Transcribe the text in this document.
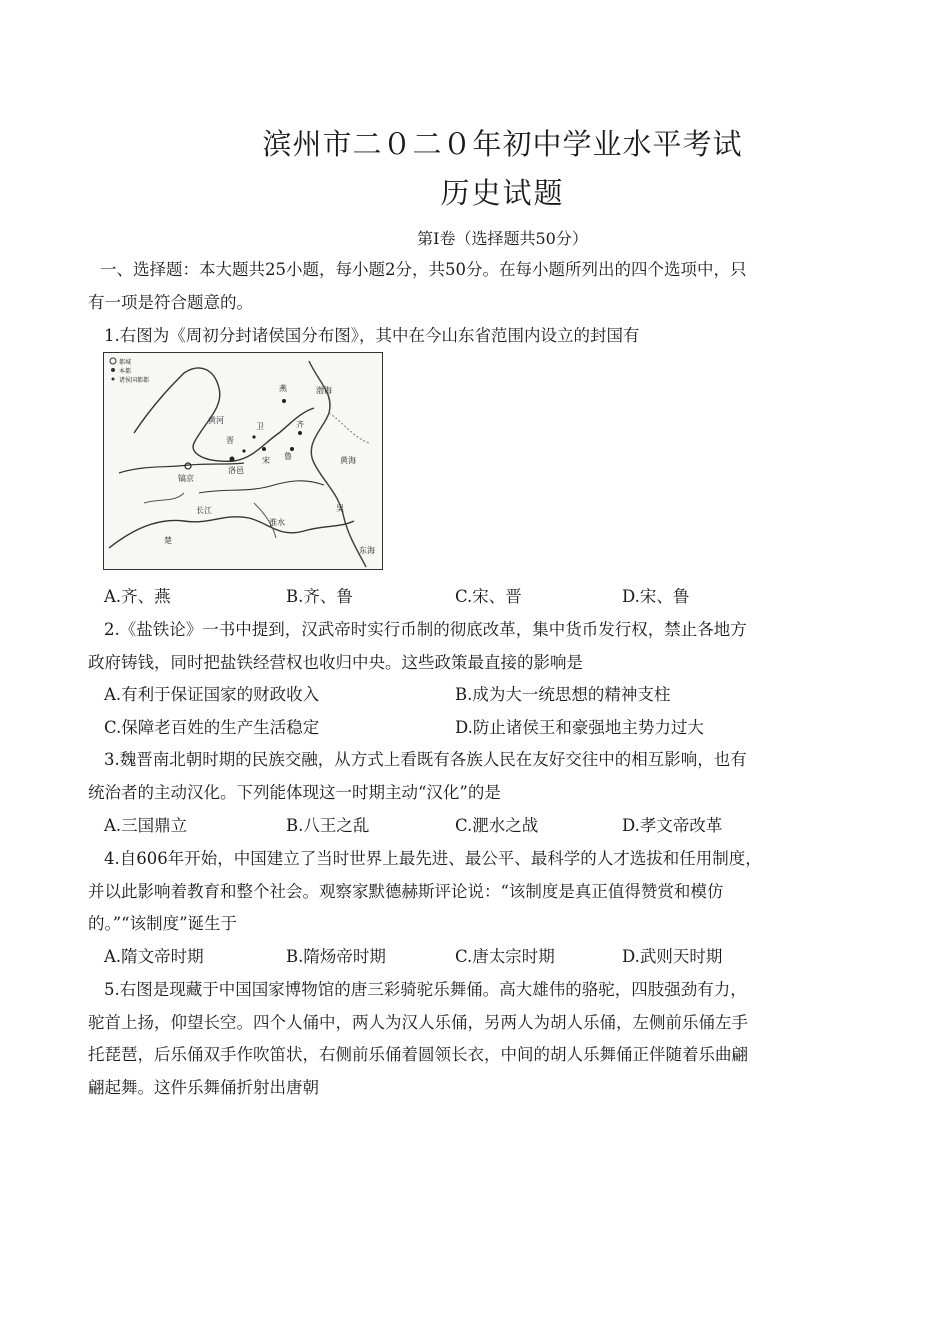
滨州市二０二０年初中学业水平考试
历史试题
第Ⅰ卷（选择题共50分）
一、选择题：本大题共25小题，每小题2分，共50分。在每小题所列出的四个选项中，只
有一项是符合题意的。
1.右图为《周初分封诸侯国分布图》，其中在今山东省范围内设立的封国有
都城
本都
诸侯国都都
燕
卫	齐
鲁
宋
晋
洛邑
镐京
黄河
长江
淮水
东海
黄海
渤海
吴
楚
A.齐、燕	B.齐、鲁	C.宋、晋	D.宋、鲁
2.《盐铁论》一书中提到，汉武帝时实行币制的彻底改革，集中货币发行权，禁止各地方
政府铸钱，同时把盐铁经营权也收归中央。这些政策最直接的影响是
A.有利于保证国家的财政收入	B.成为大一统思想的精神支柱
C.保障老百姓的生产生活稳定	D.防止诸侯王和豪强地主势力过大
3.魏晋南北朝时期的民族交融，从方式上看既有各族人民在友好交往中的相互影响，也有
统治者的主动汉化。下列能体现这一时期主动“汉化”的是
A.三国鼎立	B.八王之乱	C.淝水之战	D.孝文帝改革
4.自606年开始，中国建立了当时世界上最先进、最公平、最科学的人才选拔和任用制度，
并以此影响着教育和整个社会。观察家默德赫斯评论说：“该制度是真正值得赞赏和模仿
的。”“该制度”诞生于
A.隋文帝时期	B.隋炀帝时期	C.唐太宗时期	D.武则天时期
5.右图是现藏于中国国家博物馆的唐三彩骑驼乐舞俑。高大雄伟的骆驼，四肢强劲有力，
驼首上扬，仰望长空。四个人俑中，两人为汉人乐俑，另两人为胡人乐俑，左侧前乐俑左手
托琵琶，后乐俑双手作吹笛状，右侧前乐俑着圆领长衣，中间的胡人乐舞俑正伴随着乐曲翩
翩起舞。这件乐舞俑折射出唐朝
